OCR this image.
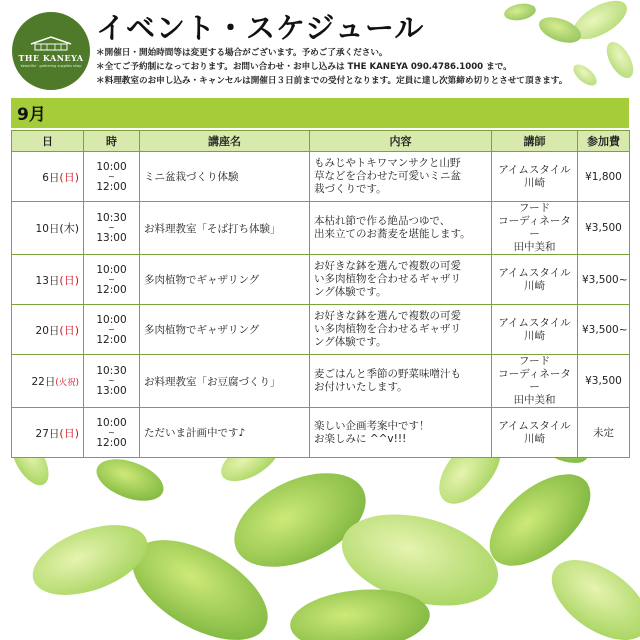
THE KANEYA
beautiful · gathering supplies shop
イベント・スケジュール
＊開催日・開始時間等は変更する場合がございます。予めご了承ください。
＊全てご予約制になっております。お問い合わせ・お申し込みは THE KANEYA 090.4786.1000 まで。
＊料理教室のお申し込み・キャンセルは開催日３日前までの受付となります。定員に達し次第締め切りとさせて頂きます。
9月
日	時	講座名	内容	講師	参加費
6日(日)	10:00
~
12:00	ミニ盆栽づくり体験	もみじやトキワマンサクと山野
草などを合わせた可愛いミニ盆
栽づくりです。	アイムスタイル
川崎	¥1,800
10日(木)	10:30
~
13:00	お料理教室「そば打ち体験」	本枯れ節で作る絶品つゆで、
出来立てのお蕎麦を堪能します。	フード
コーディネーター
田中美和	¥3,500
13日(日)	10:00
~
12:00	多肉植物でギャザリング	お好きな鉢を選んで複数の可愛
い多肉植物を合わせるギャザリ
ング体験です。	アイムスタイル
川崎	¥3,500~
20日(日)	10:00
~
12:00	多肉植物でギャザリング	お好きな鉢を選んで複数の可愛
い多肉植物を合わせるギャザリ
ング体験です。	アイムスタイル
川崎	¥3,500~
22日(火祝)	10:30
~
13:00	お料理教室「お豆腐づくり」	麦ごはんと季節の野菜味噌汁も
お付けいたします。	フード
コーディネーター
田中美和	¥3,500
27日(日)	10:00
~
12:00	ただいま計画中です♪	楽しい企画考案中です！
お楽しみに ^^v!!!	アイムスタイル
川崎	未定
